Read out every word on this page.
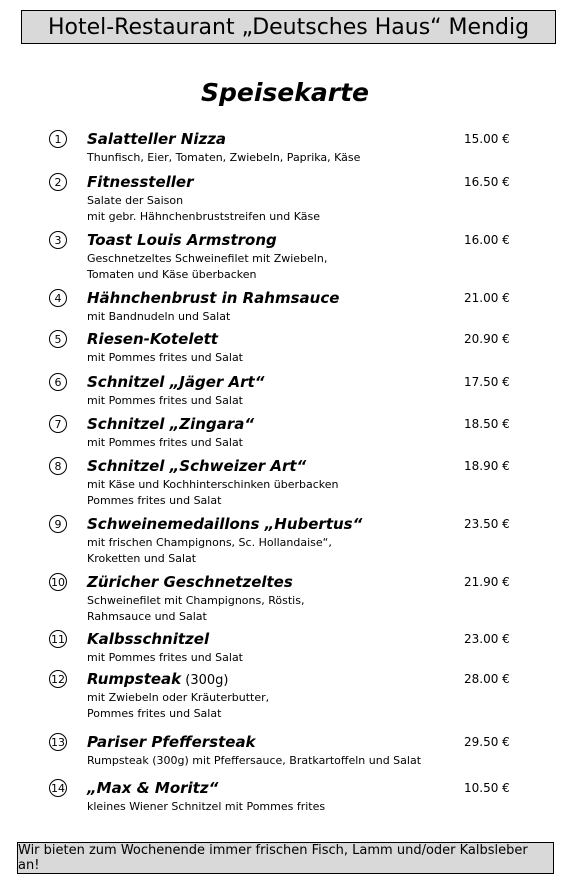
Hotel-Restaurant „Deutsches Haus“ Mendig
Speisekarte
1	Salatteller Nizza	15.00 €
Thunfisch, Eier, Tomaten, Zwiebeln, Paprika, Käse
2	Fitnessteller	16.50 €
Salate der Saison
mit gebr. Hähnchenbruststreifen und Käse
3	Toast Louis Armstrong	16.00 €
Geschnetzeltes Schweinefilet mit Zwiebeln,
Tomaten und Käse überbacken
4	Hähnchenbrust in Rahmsauce	21.00 €
mit Bandnudeln und Salat
5	Riesen-Kotelett	20.90 €
mit Pommes frites und Salat
6	Schnitzel „Jäger Art“	17.50 €
mit Pommes frites und Salat
7	Schnitzel „Zingara“	18.50 €
mit Pommes frites und Salat
8	Schnitzel „Schweizer Art“	18.90 €
mit Käse und Kochhinterschinken überbacken
Pommes frites und Salat
9	Schweinemedaillons „Hubertus“	23.50 €
mit frischen Champignons, Sc. Hollandaise“,
Kroketten und Salat
10 Züricher Geschnetzeltes	21.90 €
Schweinefilet mit Champignons, Röstis,
Rahmsauce und Salat
11 Kalbsschnitzel	23.00 €
mit Pommes frites und Salat
12 Rumpsteak (300g)	28.00 €
mit Zwiebeln oder Kräuterbutter,
Pommes frites und Salat
13 Pariser Pfeffersteak	29.50 €
Rumpsteak (300g) mit Pfeffersauce, Bratkartoffeln und Salat
14 „Max & Moritz“	10.50 €
kleines Wiener Schnitzel mit Pommes frites
Wir bieten zum Wochenende immer frischen Fisch, Lamm und/oder Kalbsleber an!
